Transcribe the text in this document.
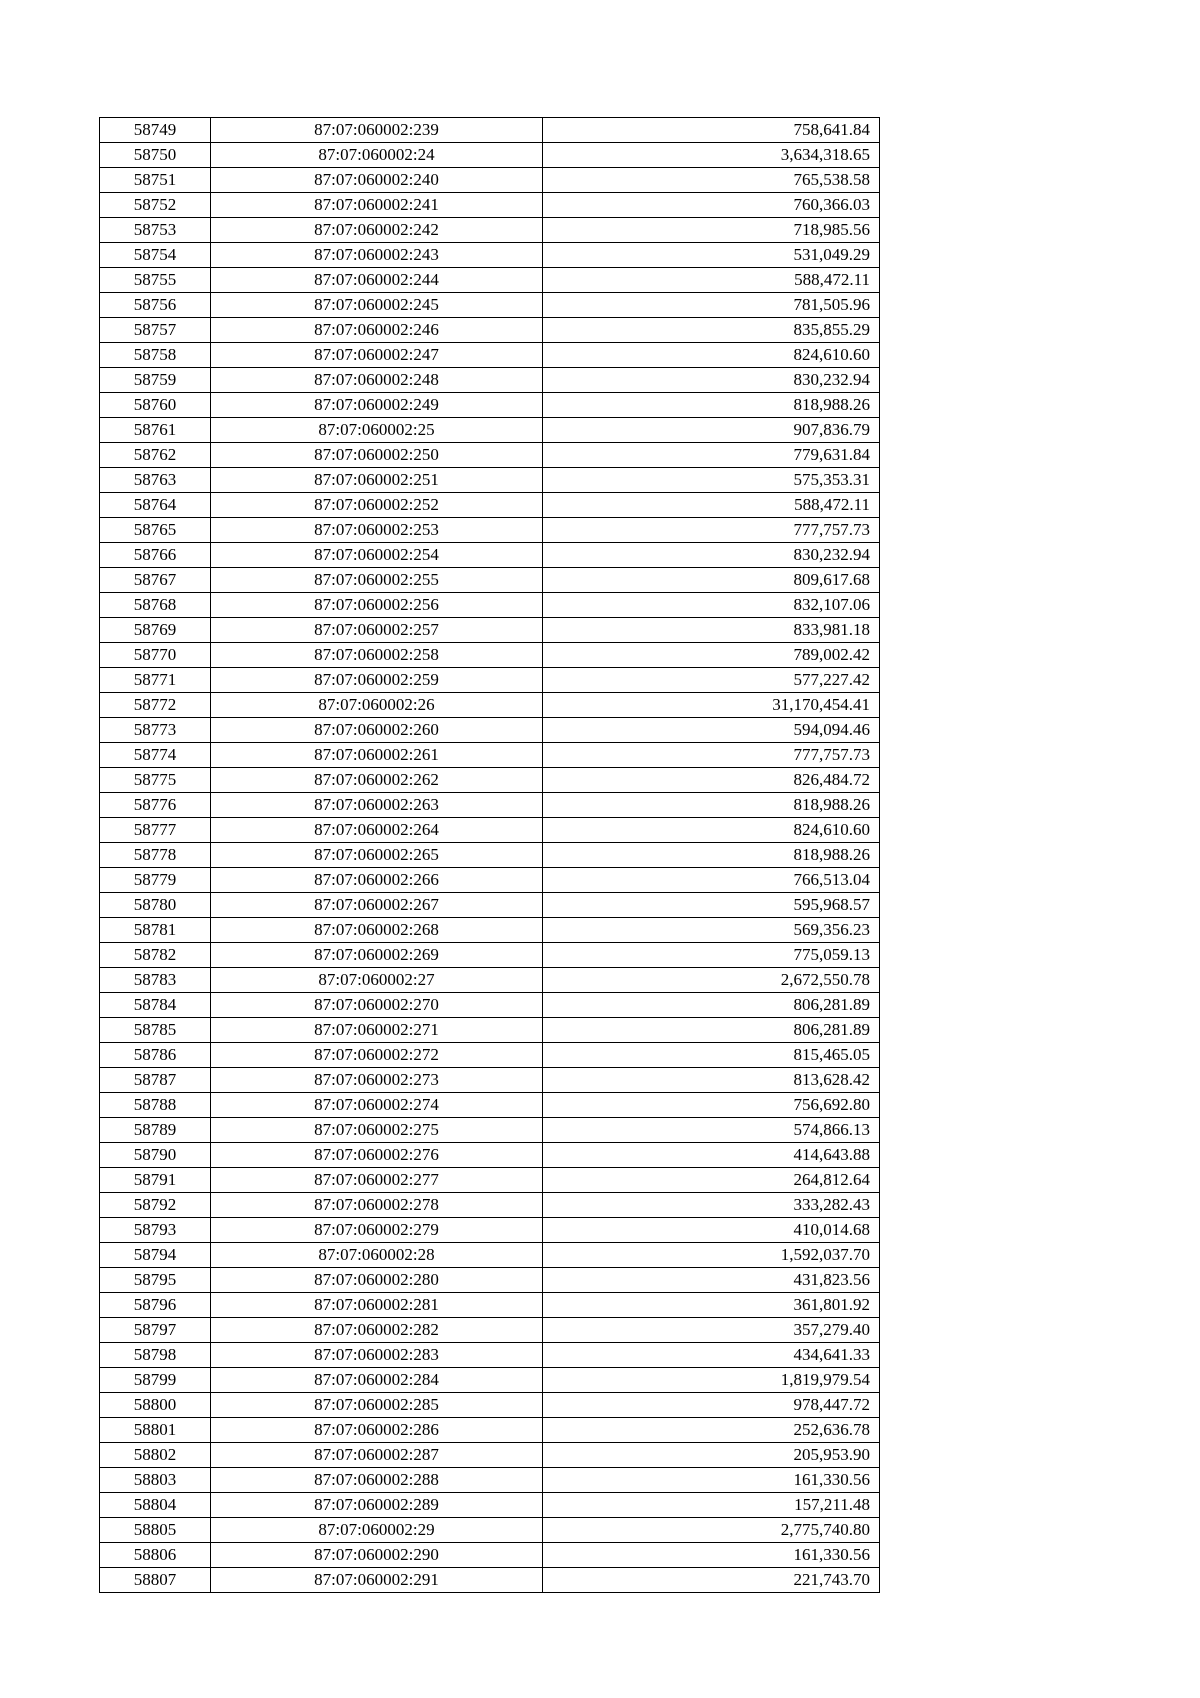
58749	87:07:060002:239	758,641.84
58750	87:07:060002:24	3,634,318.65
58751	87:07:060002:240	765,538.58
58752	87:07:060002:241	760,366.03
58753	87:07:060002:242	718,985.56
58754	87:07:060002:243	531,049.29
58755	87:07:060002:244	588,472.11
58756	87:07:060002:245	781,505.96
58757	87:07:060002:246	835,855.29
58758	87:07:060002:247	824,610.60
58759	87:07:060002:248	830,232.94
58760	87:07:060002:249	818,988.26
58761	87:07:060002:25	907,836.79
58762	87:07:060002:250	779,631.84
58763	87:07:060002:251	575,353.31
58764	87:07:060002:252	588,472.11
58765	87:07:060002:253	777,757.73
58766	87:07:060002:254	830,232.94
58767	87:07:060002:255	809,617.68
58768	87:07:060002:256	832,107.06
58769	87:07:060002:257	833,981.18
58770	87:07:060002:258	789,002.42
58771	87:07:060002:259	577,227.42
58772	87:07:060002:26	31,170,454.41
58773	87:07:060002:260	594,094.46
58774	87:07:060002:261	777,757.73
58775	87:07:060002:262	826,484.72
58776	87:07:060002:263	818,988.26
58777	87:07:060002:264	824,610.60
58778	87:07:060002:265	818,988.26
58779	87:07:060002:266	766,513.04
58780	87:07:060002:267	595,968.57
58781	87:07:060002:268	569,356.23
58782	87:07:060002:269	775,059.13
58783	87:07:060002:27	2,672,550.78
58784	87:07:060002:270	806,281.89
58785	87:07:060002:271	806,281.89
58786	87:07:060002:272	815,465.05
58787	87:07:060002:273	813,628.42
58788	87:07:060002:274	756,692.80
58789	87:07:060002:275	574,866.13
58790	87:07:060002:276	414,643.88
58791	87:07:060002:277	264,812.64
58792	87:07:060002:278	333,282.43
58793	87:07:060002:279	410,014.68
58794	87:07:060002:28	1,592,037.70
58795	87:07:060002:280	431,823.56
58796	87:07:060002:281	361,801.92
58797	87:07:060002:282	357,279.40
58798	87:07:060002:283	434,641.33
58799	87:07:060002:284	1,819,979.54
58800	87:07:060002:285	978,447.72
58801	87:07:060002:286	252,636.78
58802	87:07:060002:287	205,953.90
58803	87:07:060002:288	161,330.56
58804	87:07:060002:289	157,211.48
58805	87:07:060002:29	2,775,740.80
58806	87:07:060002:290	161,330.56
58807	87:07:060002:291	221,743.70
